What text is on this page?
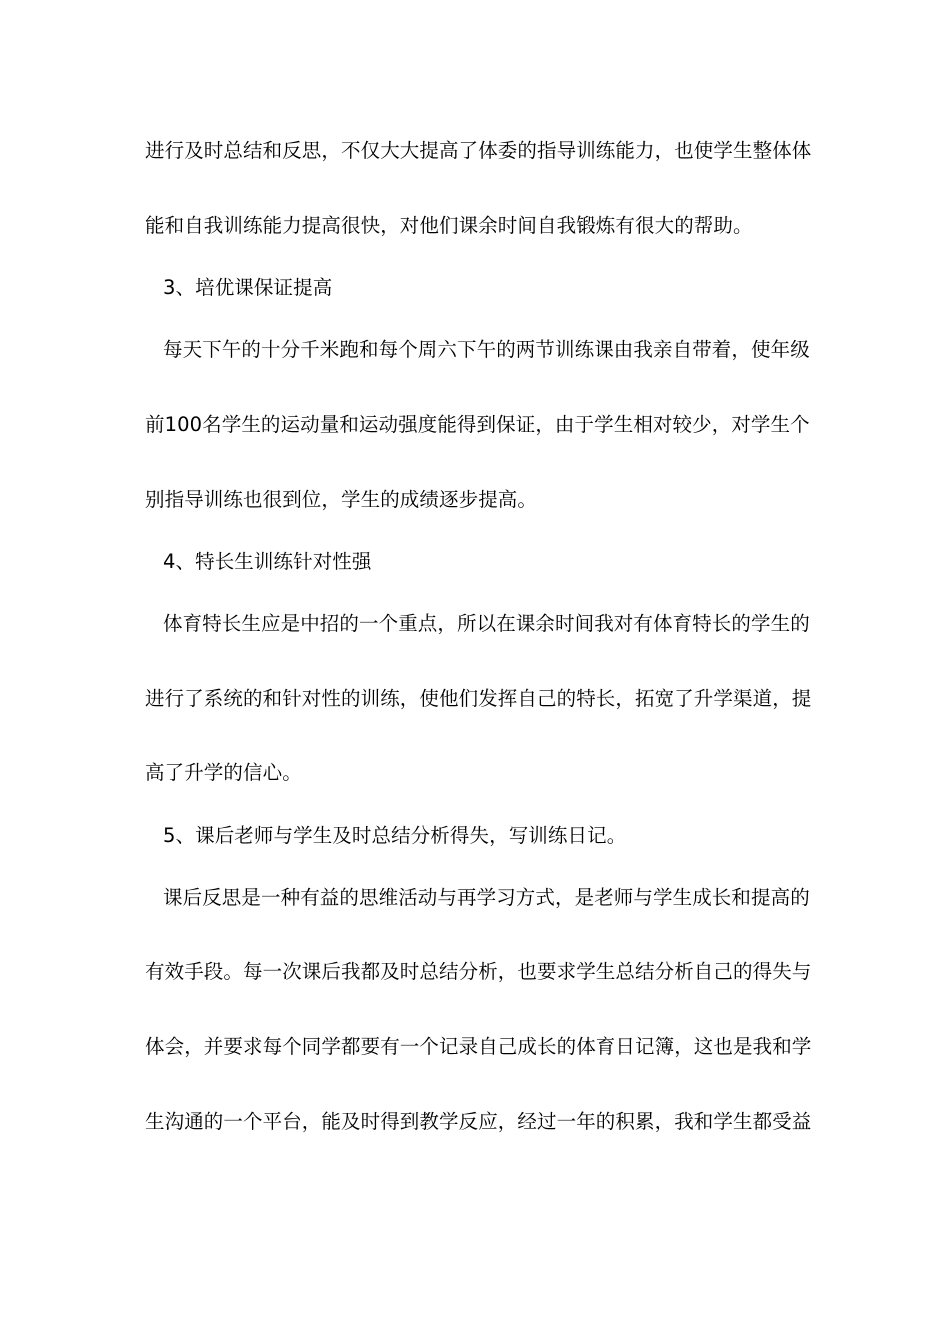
进行及时总结和反思，不仅大大提高了体委的指导训练能力，也使学生整体体
能和自我训练能力提高很快，对他们课余时间自我锻炼有很大的帮助。
3、培优课保证提高
每天下午的十分千米跑和每个周六下午的两节训练课由我亲自带着，使年级
前100名学生的运动量和运动强度能得到保证，由于学生相对较少，对学生个
别指导训练也很到位，学生的成绩逐步提高。
4、特长生训练针对性强
体育特长生应是中招的一个重点，所以在课余时间我对有体育特长的学生的
进行了系统的和针对性的训练，使他们发挥自己的特长，拓宽了升学渠道，提
高了升学的信心。
5、课后老师与学生及时总结分析得失，写训练日记。
课后反思是一种有益的思维活动与再学习方式，是老师与学生成长和提高的
有效手段。每一次课后我都及时总结分析，也要求学生总结分析自己的得失与
体会，并要求每个同学都要有一个记录自己成长的体育日记簿，这也是我和学
生沟通的一个平台，能及时得到教学反应，经过一年的积累，我和学生都受益
